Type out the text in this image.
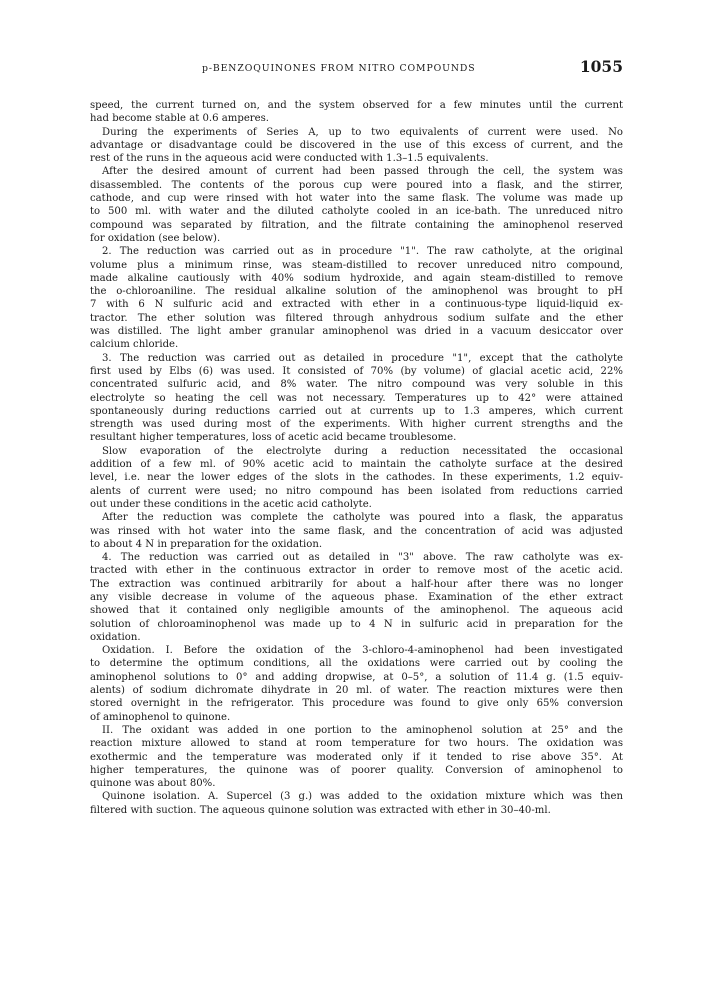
p-BENZOQUINONES FROM NITRO COMPOUNDS	1055
speed, the current turned on, and the system observed for a few minutes until the current
had become stable at 0.6 amperes.
During the experiments of Series A, up to two equivalents of current were used. No
advantage or disadvantage could be discovered in the use of this excess of current, and the
rest of the runs in the aqueous acid were conducted with 1.3–1.5 equivalents.
After the desired amount of current had been passed through the cell, the system was
disassembled. The contents of the porous cup were poured into a flask, and the stirrer,
cathode, and cup were rinsed with hot water into the same flask. The volume was made up
to 500 ml. with water and the diluted catholyte cooled in an ice-bath. The unreduced nitro
compound was separated by filtration, and the filtrate containing the aminophenol reserved
for oxidation (see below).
2. The reduction was carried out as in procedure "1". The raw catholyte, at the original
volume plus a minimum rinse, was steam-distilled to recover unreduced nitro compound,
made alkaline cautiously with 40% sodium hydroxide, and again steam-distilled to remove
the o-chloroaniline. The residual alkaline solution of the aminophenol was brought to pH
7 with 6 N sulfuric acid and extracted with ether in a continuous-type liquid-liquid ex-
tractor. The ether solution was filtered through anhydrous sodium sulfate and the ether
was distilled. The light amber granular aminophenol was dried in a vacuum desiccator over
calcium chloride.
3. The reduction was carried out as detailed in procedure "1", except that the catholyte
first used by Elbs (6) was used. It consisted of 70% (by volume) of glacial acetic acid, 22%
concentrated sulfuric acid, and 8% water. The nitro compound was very soluble in this
electrolyte so heating the cell was not necessary. Temperatures up to 42° were attained
spontaneously during reductions carried out at currents up to 1.3 amperes, which current
strength was used during most of the experiments. With higher current strengths and the
resultant higher temperatures, loss of acetic acid became troublesome.
Slow evaporation of the electrolyte during a reduction necessitated the occasional
addition of a few ml. of 90% acetic acid to maintain the catholyte surface at the desired
level, i.e. near the lower edges of the slots in the cathodes. In these experiments, 1.2 equiv-
alents of current were used; no nitro compound has been isolated from reductions carried
out under these conditions in the acetic acid catholyte.
After the reduction was complete the catholyte was poured into a flask, the apparatus
was rinsed with hot water into the same flask, and the concentration of acid was adjusted
to about 4 N in preparation for the oxidation.
4. The reduction was carried out as detailed in "3" above. The raw catholyte was ex-
tracted with ether in the continuous extractor in order to remove most of the acetic acid.
The extraction was continued arbitrarily for about a half-hour after there was no longer
any visible decrease in volume of the aqueous phase. Examination of the ether extract
showed that it contained only negligible amounts of the aminophenol. The aqueous acid
solution of chloroaminophenol was made up to 4 N in sulfuric acid in preparation for the
oxidation.
Oxidation. I. Before the oxidation of the 3-chloro-4-aminophenol had been investigated
to determine the optimum conditions, all the oxidations were carried out by cooling the
aminophenol solutions to 0° and adding dropwise, at 0–5°, a solution of 11.4 g. (1.5 equiv-
alents) of sodium dichromate dihydrate in 20 ml. of water. The reaction mixtures were then
stored overnight in the refrigerator. This procedure was found to give only 65% conversion
of aminophenol to quinone.
II. The oxidant was added in one portion to the aminophenol solution at 25° and the
reaction mixture allowed to stand at room temperature for two hours. The oxidation was
exothermic and the temperature was moderated only if it tended to rise above 35°. At
higher temperatures, the quinone was of poorer quality. Conversion of aminophenol to
quinone was about 80%.
Quinone isolation. A. Supercel (3 g.) was added to the oxidation mixture which was then
filtered with suction. The aqueous quinone solution was extracted with ether in 30–40-ml.
